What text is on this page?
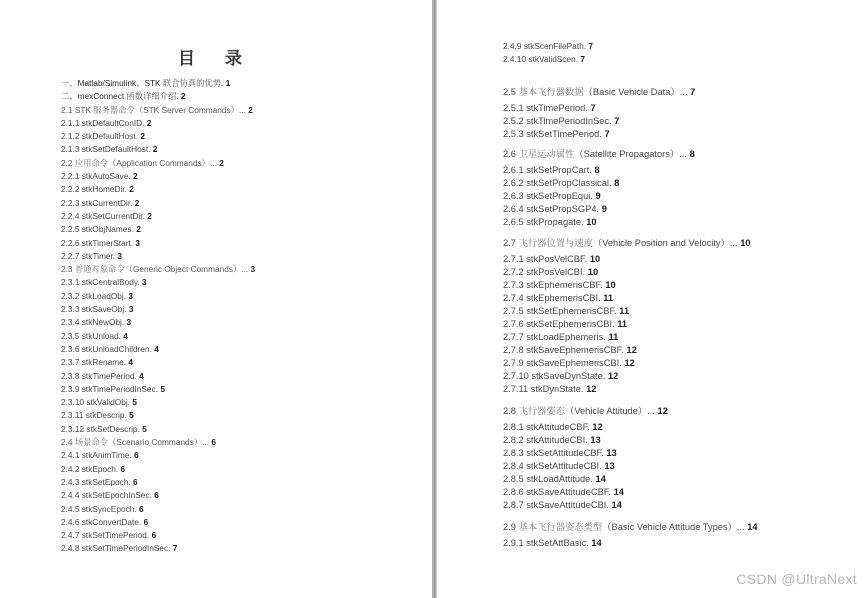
目 录
一、Matlab/Simulink、STK 联合仿真的优势. 1
二、mexConnect 函数详细介绍. 2
2.1 STK 服务器命令（STK Server Commands）... 2
2.1.1 stkDefaultConID. 2
2.1.2 stkDefaultHost. 2
2.1.3 stkSetDefaultHost. 2
2.2 应用命令（Application Commands）... 2
2.2.1 stkAutoSave. 2
2.2.2 stkHomeDir. 2
2.2.3 stkCurrentDir. 2
2.2.4 stkSetCurrentDir. 2
2.2.5 stkObjNames. 2
2.2.6 stkTimerStart. 3
2.2.7 stkTimer. 3
2.3 普通对象命令（Generic Object Commands）... 3
2.3.1 stkCentralBody. 3
2.3.2 stkLoadObj. 3
2.3.3 stkSaveObj. 3
2.3.4 stkNewObj. 3
2.3.5 stkUnload. 4
2.3.6 stkUnloadChildren. 4
2.3.7 stkRename. 4
2.3.8 stkTimePeriod. 4
2.3.9 stkTimePeriodInSec. 5
2.3.10 stkValidObj. 5
2.3.11 stkDescrip. 5
2.3.12 stkSetDescrip. 5
2.4 场景命令（Scenario Commands）... 6
2.4.1 stkAnimTime. 6
2.4.2 stkEpoch. 6
2.4.3 stkSetEpoch. 6
2.4.4 stkSetEpochInSec. 6
2.4.5 stkSyncEpoch. 6
2.4.6 stkConvertDate. 6
2.4.7 stkSetTimePeriod. 6
2.4.8 stkSetTimePeriodInSec. 7
2.4.9 stkScenFilePath. 7
2.4.10 stkValidScen. 7
2.5 基本飞行器数据（Basic Vehicle Data）... 7
2.5.1 stkTimePeriod. 7
2.5.2 stkTimePeriodInSec. 7
2.5.3 stkSetTimePeriod. 7
2.6 卫星运动属性（Satellite Propagators）... 8
2.6.1 stkSetPropCart. 8
2.6.2 stkSetPropClassical. 8
2.6.3 stkSetPropEqui. 9
2.6.4 stkSetPropSGP4. 9
2.6.5 stkPropagate. 10
2.7 飞行器位置与速度（Vehicle Position and Velocity）... 10
2.7.1 stkPosVelCBF. 10
2.7.2 stkPosVelCBI. 10
2.7.3 stkEphemerisCBF. 10
2.7.4 stkEphemerisCBI. 11
2.7.5 stkSetEphemerisCBF. 11
2.7.6 stkSetEphemerisCBI. 11
2.7.7 stkLoadEphemeris. 11
2.7.8 stkSaveEphemerisCBF. 12
2.7.9 stkSaveEphemerisCBI. 12
2.7.10 stkSaveDynState. 12
2.7.11 stkDynState. 12
2.8 飞行器姿态（Vehicle Attitude）... 12
2.8.1 stkAttitudeCBF. 12
2.8.2 stkAttitudeCBI. 13
2.8.3 stkSetAttitudeCBF. 13
2.8.4 stkSetAttitudeCBI. 13
2.8.5 stkLoadAttitude. 14
2.8.6 stkSaveAttitudeCBF. 14
2.8.7 stkSaveAttitudeCBI. 14
2.9 基本飞行器姿态类型（Basic Vehicle Attitude Types）... 14
2.9.1 stkSetAttBasic. 14
CSDN @UltraNext
